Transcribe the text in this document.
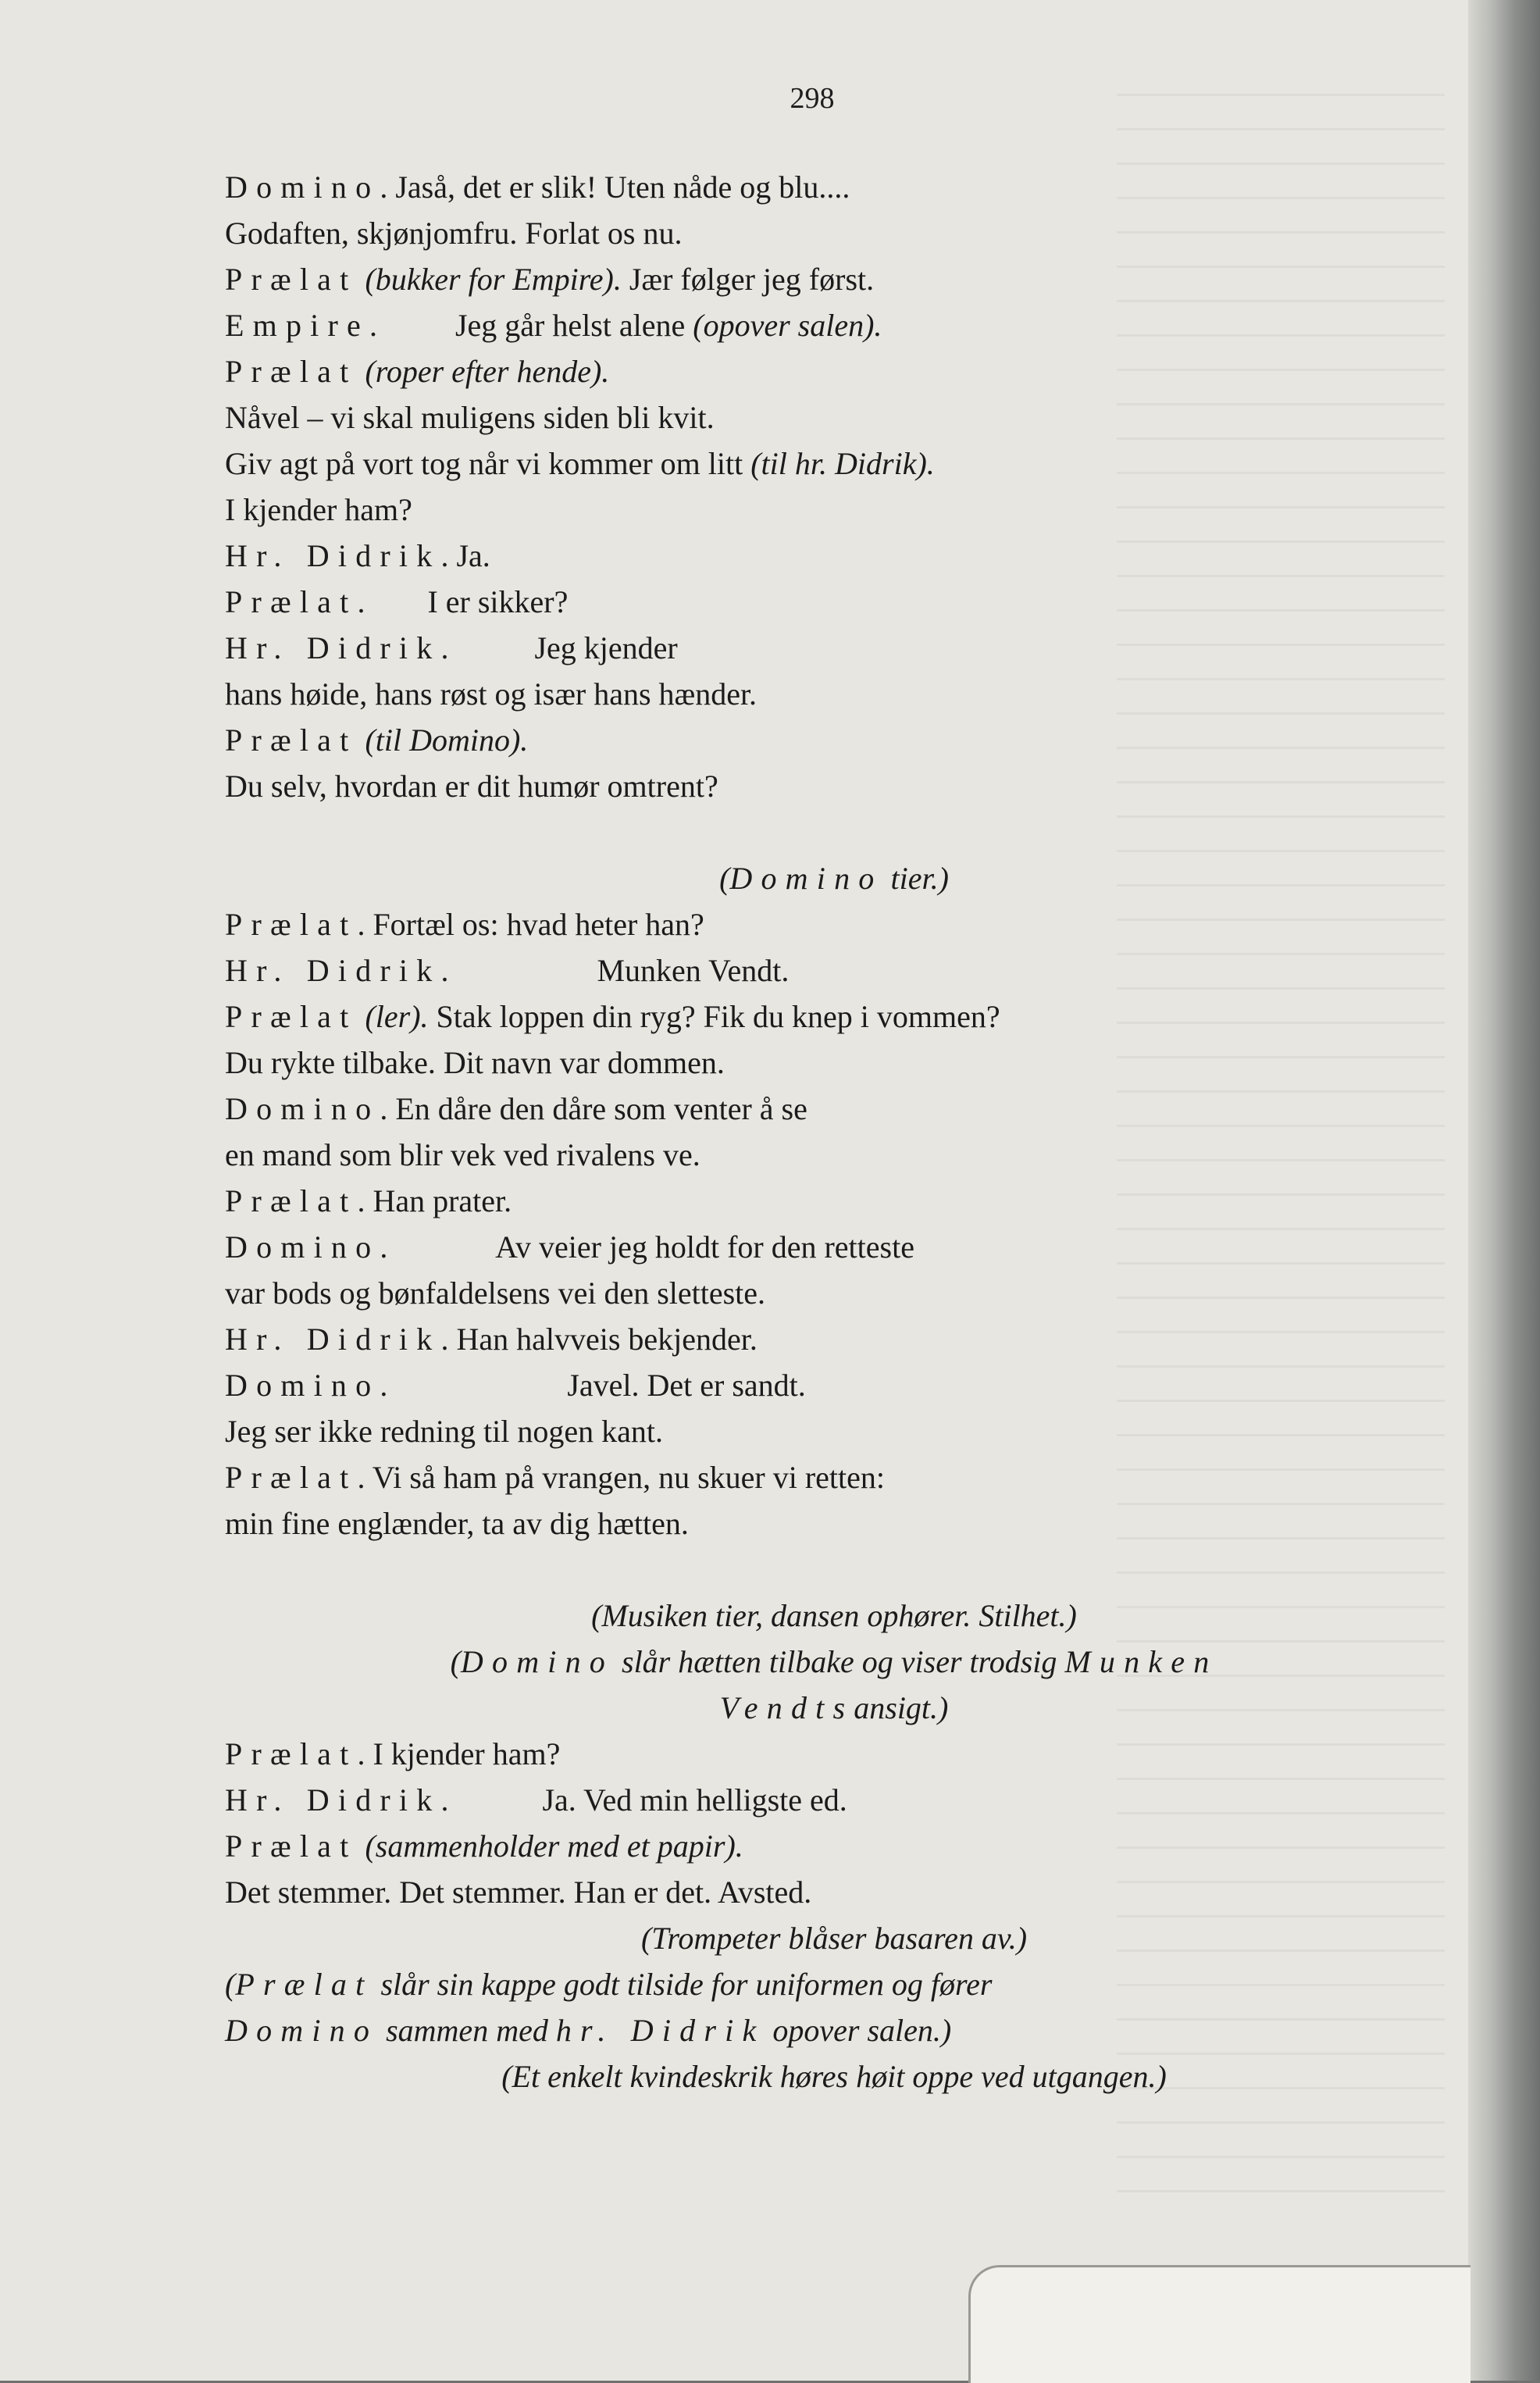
298
Domino. Jaså, det er slik! Uten nåde og blu....
Godaften, skjønjomfru. Forlat os nu.
Prælat (bukker for Empire). Jær følger jeg først.
Empire.          Jeg går helst alene (opover salen).
Prælat (roper efter hende).
Nåvel – vi skal muligens siden bli kvit.
Giv agt på vort tog når vi kommer om litt (til hr. Didrik).
I kjender ham?
Hr. Didrik. Ja.
Prælat.        I er sikker?
Hr. Didrik.           Jeg kjender
hans høide, hans røst og især hans hænder.
Prælat (til Domino).
Du selv, hvordan er dit humør omtrent?

(Domino tier.)
Prælat. Fortæl os: hvad heter han?
Hr. Didrik.                   Munken Vendt.
Prælat (ler). Stak loppen din ryg? Fik du knep i vommen?
Du rykte tilbake. Dit navn var dommen.
Domino. En dåre den dåre som venter å se
en mand som blir vek ved rivalens ve.
Prælat. Han prater.
Domino.              Av veier jeg holdt for den retteste
var bods og bønfaldelsens vei den sletteste.
Hr. Didrik. Han halvveis bekjender.
Domino.                       Javel. Det er sandt.
Jeg ser ikke redning til nogen kant.
Prælat. Vi så ham på vrangen, nu skuer vi retten:
min fine englænder, ta av dig hætten.

(Musiken tier, dansen ophører. Stilhet.)
(Domino slår hætten tilbake og viser trodsig Munken
Vendtsansigt.)
Prælat. I kjender ham?
Hr. Didrik.            Ja. Ved min helligste ed.
Prælat (sammenholder med et papir).
Det stemmer. Det stemmer. Han er det. Avsted.
(Trompeter blåser basaren av.)
(Prælat slår sin kappe godt tilside for uniformen og fører
Domino sammen med hr. Didrik opover salen.)
(Et enkelt kvindeskrik høres høit oppe ved utgangen.)
